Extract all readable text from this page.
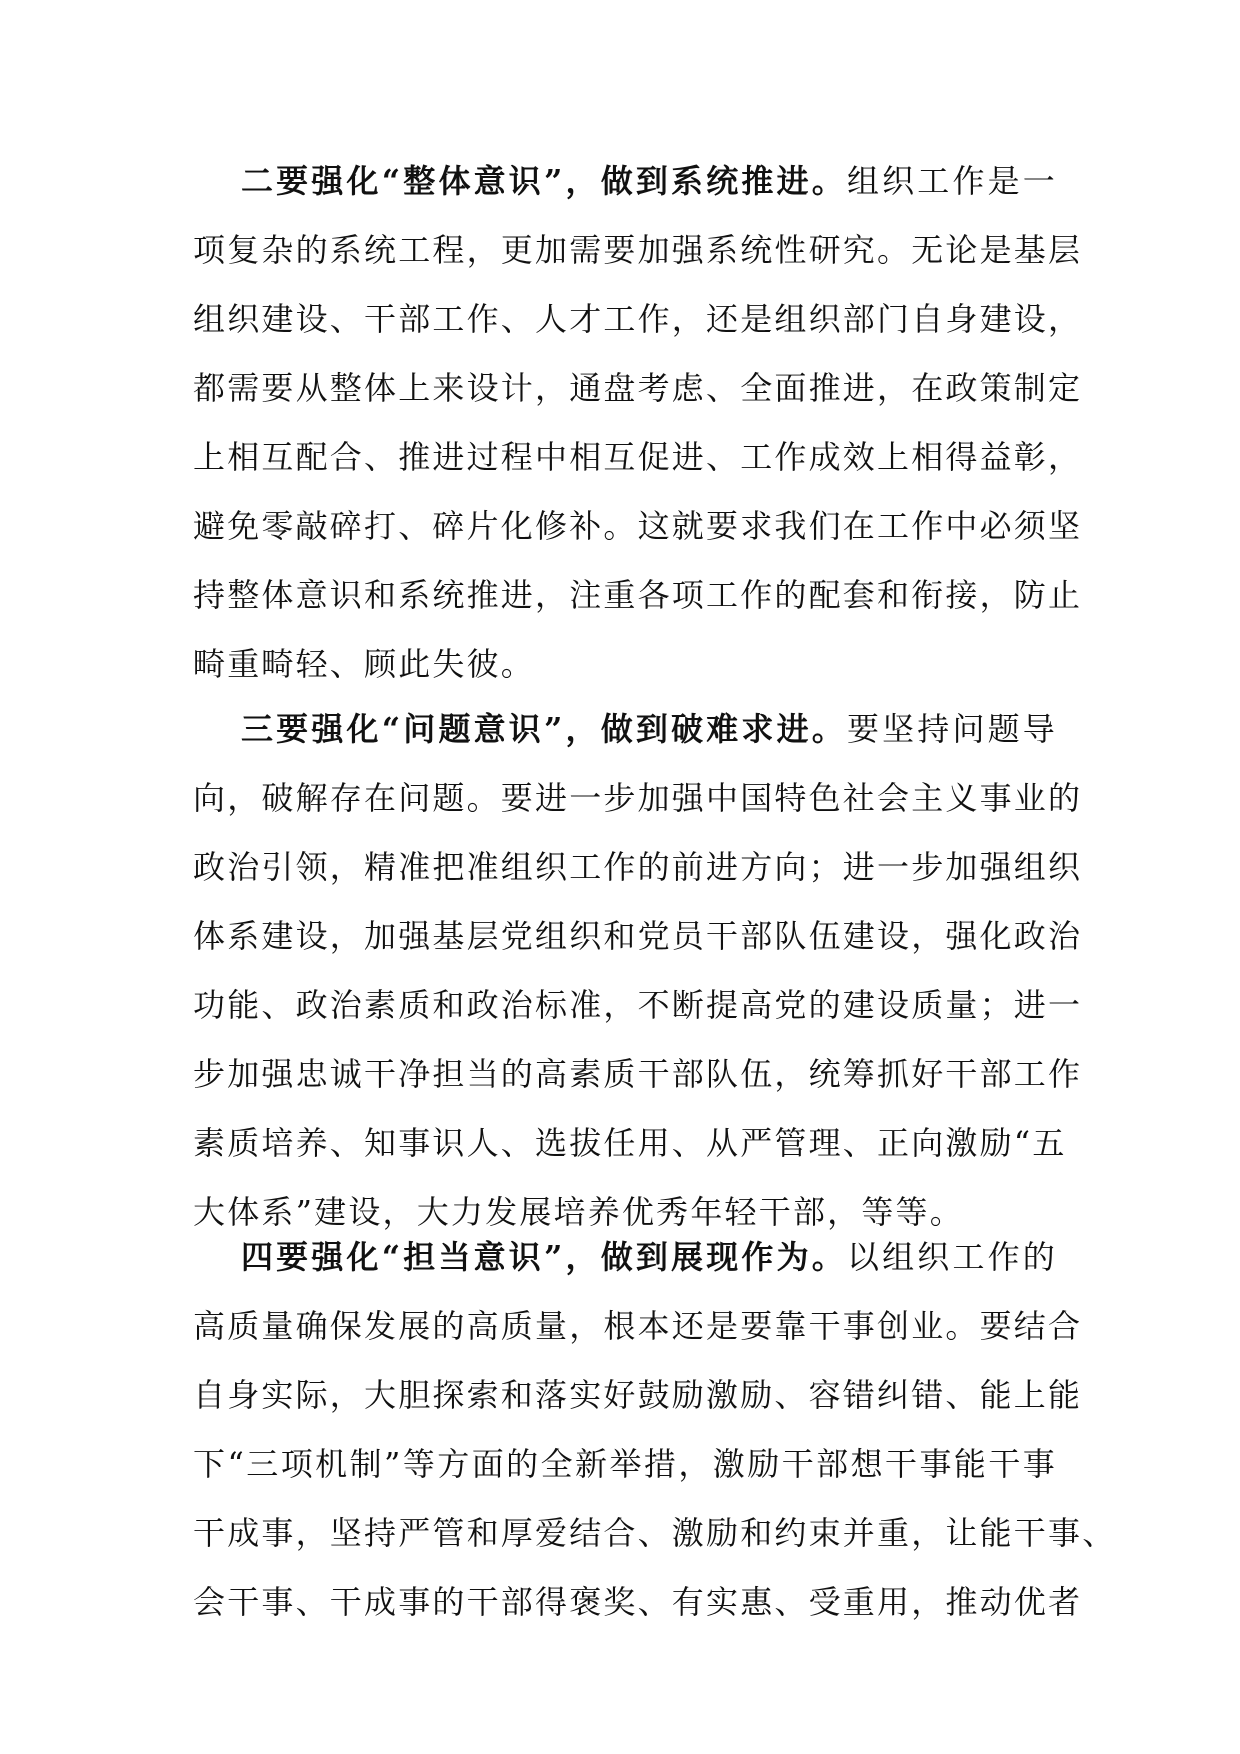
二要强化“整体意识”，做到系统推进。组织工作是一
项复杂的系统工程，更加需要加强系统性研究。无论是基层
组织建设、干部工作、人才工作，还是组织部门自身建设，
都需要从整体上来设计，通盘考虑、全面推进，在政策制定
上相互配合、推进过程中相互促进、工作成效上相得益彰，
避免零敲碎打、碎片化修补。这就要求我们在工作中必须坚
持整体意识和系统推进，注重各项工作的配套和衔接，防止
畸重畸轻、顾此失彼。
三要强化“问题意识”，做到破难求进。要坚持问题导
向，破解存在问题。要进一步加强中国特色社会主义事业的
政治引领，精准把准组织工作的前进方向；进一步加强组织
体系建设，加强基层党组织和党员干部队伍建设，强化政治
功能、政治素质和政治标准，不断提高党的建设质量；进一
步加强忠诚干净担当的高素质干部队伍，统筹抓好干部工作
素质培养、知事识人、选拔任用、从严管理、正向激励“五
大体系”建设，大力发展培养优秀年轻干部，等等。
四要强化“担当意识”，做到展现作为。以组织工作的
高质量确保发展的高质量，根本还是要靠干事创业。要结合
自身实际，大胆探索和落实好鼓励激励、容错纠错、能上能
下“三项机制”等方面的全新举措，激励干部想干事能干事
干成事，坚持严管和厚爱结合、激励和约束并重，让能干事、
会干事、干成事的干部得褒奖、有实惠、受重用，推动优者
